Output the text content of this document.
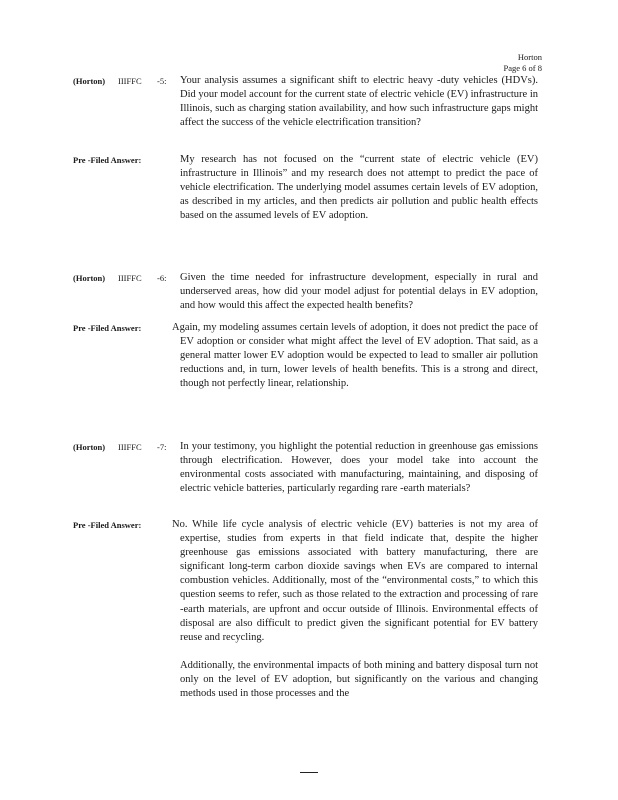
Horton
Page 6 of 8
(Horton) IIIFFC -5: Your analysis assumes a significant shift to electric heavy -duty vehicles (HDVs). Did your model account for the current state of electric vehicle (EV) infrastructure in Illinois, such as charging station availability, and how such infrastructure gaps might affect the success of the vehicle electrification transition?

Pre -Filed Answer:	My research has not focused on the “current state of electric vehicle (EV) infrastructure in Illinois” and my research does not attempt to predict the pace of vehicle electrification. The underlying model assumes certain levels of EV adoption, as described in my articles, and then predicts air pollution and public health effects based on the assumed levels of EV adoption.

(Horton) IIIFFC -6: Given the time needed for infrastructure development, especially in rural and underserved areas, how did your model adjust for potential delays in EV adoption, and how would this affect the expected health benefits?

Pre -Filed Answer:	Again, my modeling assumes certain levels of adoption, it does not predict the pace of EV adoption or consider what might affect the level of EV adoption. That said, as a general matter lower EV adoption would be expected to lead to smaller air pollution reductions and, in turn, lower levels of health benefits. This is a strong and direct, though not perfectly linear, relationship.

(Horton) IIIFFC -7: In your testimony, you highlight the potential reduction in greenhouse gas emissions through electrification. However, does your model take into account the environmental costs associated with manufacturing, maintaining, and disposing of electric vehicle batteries, particularly regarding rare -earth materials?

Pre -Filed Answer:	No. While life cycle analysis of electric vehicle (EV) batteries is not my area of expertise, studies from experts in that field indicate that, despite the higher greenhouse gas emissions associated with battery manufacturing, there are significant long-term carbon dioxide savings when EVs are compared to internal combustion vehicles. Additionally, most of the “environmental costs,” to which this question seems to refer, such as those related to the extraction and processing of rare -earth materials, are upfront and occur outside of Illinois. Environmental effects of disposal are also difficult to predict given the significant potential for EV battery reuse and recycling.

Additionally, the environmental impacts of both mining and battery disposal turn not only on the level of EV adoption, but significantly on the various and changing methods used in those processes and the
